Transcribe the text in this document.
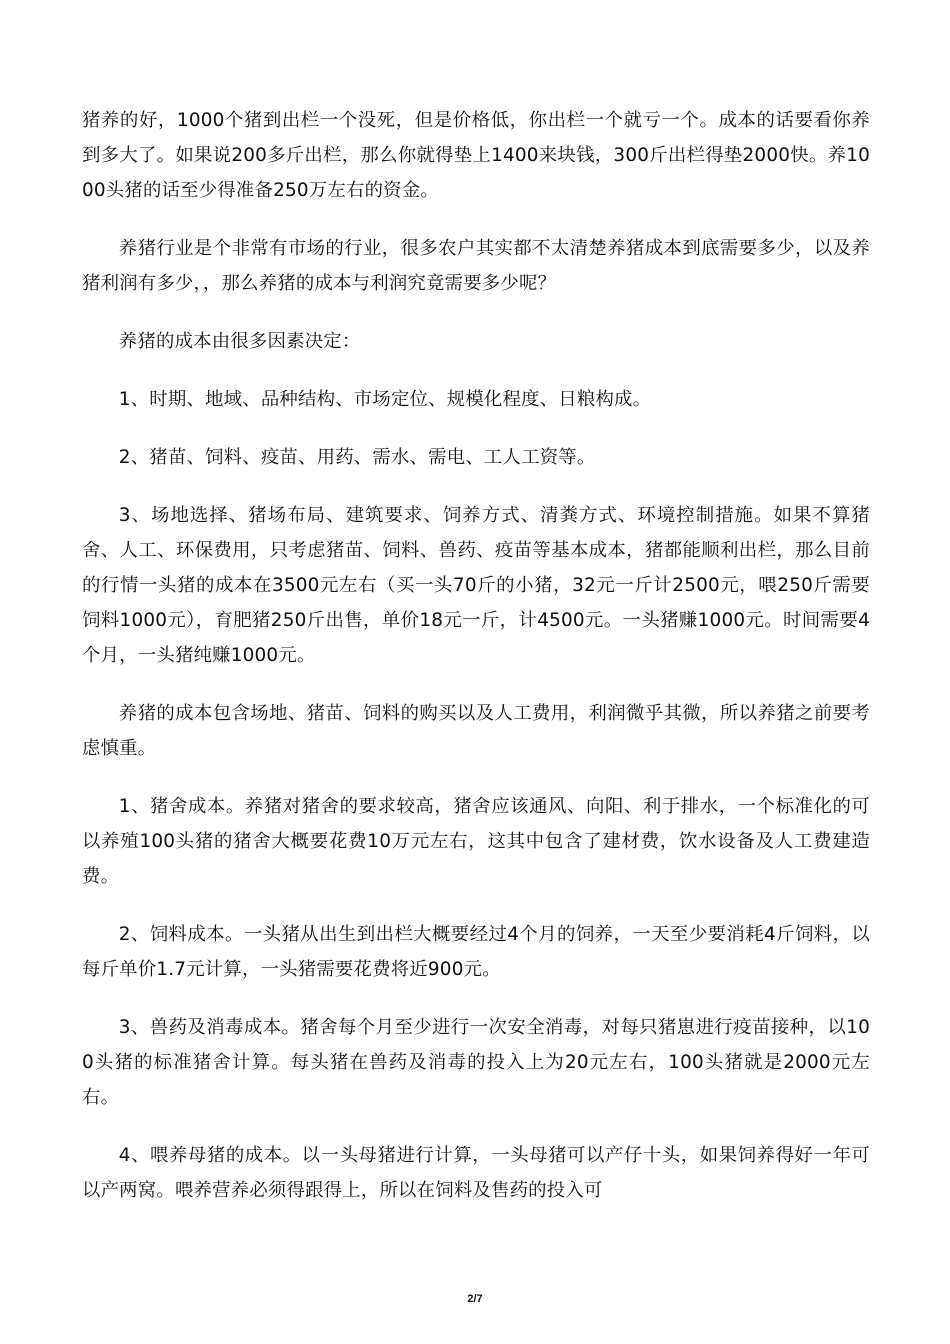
猪养的好，1000个猪到出栏一个没死，但是价格低，你出栏一个就亏一个。成本的话要看你养到多大了。如果说200多斤出栏，那么你就得垫上1400来块钱，300斤出栏得垫2000快。养1000头猪的话至少得准备250万左右的资金。

养猪行业是个非常有市场的行业，很多农户其实都不太清楚养猪成本到底需要多少，以及养猪利润有多少，，那么养猪的成本与利润究竟需要多少呢？

养猪的成本由很多因素决定：

1、时期、地域、品种结构、市场定位、规模化程度、日粮构成。

2、猪苗、饲料、疫苗、用药、需水、需电、工人工资等。

3、场地选择、猪场布局、建筑要求、饲养方式、清粪方式、环境控制措施。如果不算猪舍、人工、环保费用，只考虑猪苗、饲料、兽药、疫苗等基本成本，猪都能顺利出栏，那么目前的行情一头猪的成本在3500元左右（买一头70斤的小猪，32元一斤计2500元，喂250斤需要饲料1000元），育肥猪250斤出售，单价18元一斤，计4500元。一头猪赚1000元。时间需要4个月，一头猪纯赚1000元。

养猪的成本包含场地、猪苗、饲料的购买以及人工费用，利润微乎其微，所以养猪之前要考虑慎重。

1、猪舍成本。养猪对猪舍的要求较高，猪舍应该通风、向阳、利于排水，一个标准化的可以养殖100头猪的猪舍大概要花费10万元左右，这其中包含了建材费，饮水设备及人工费建造费。

2、饲料成本。一头猪从出生到出栏大概要经过4个月的饲养，一天至少要消耗4斤饲料，以每斤单价1.7元计算，一头猪需要花费将近900元。

3、兽药及消毒成本。猪舍每个月至少进行一次安全消毒，对每只猪崽进行疫苗接种，以100头猪的标准猪舍计算。每头猪在兽药及消毒的投入上为20元左右，100头猪就是2000元左右。

4、喂养母猪的成本。以一头母猪进行计算，一头母猪可以产仔十头，如果饲养得好一年可以产两窝。喂养营养必须得跟得上，所以在饲料及售药的投入可

2/7
